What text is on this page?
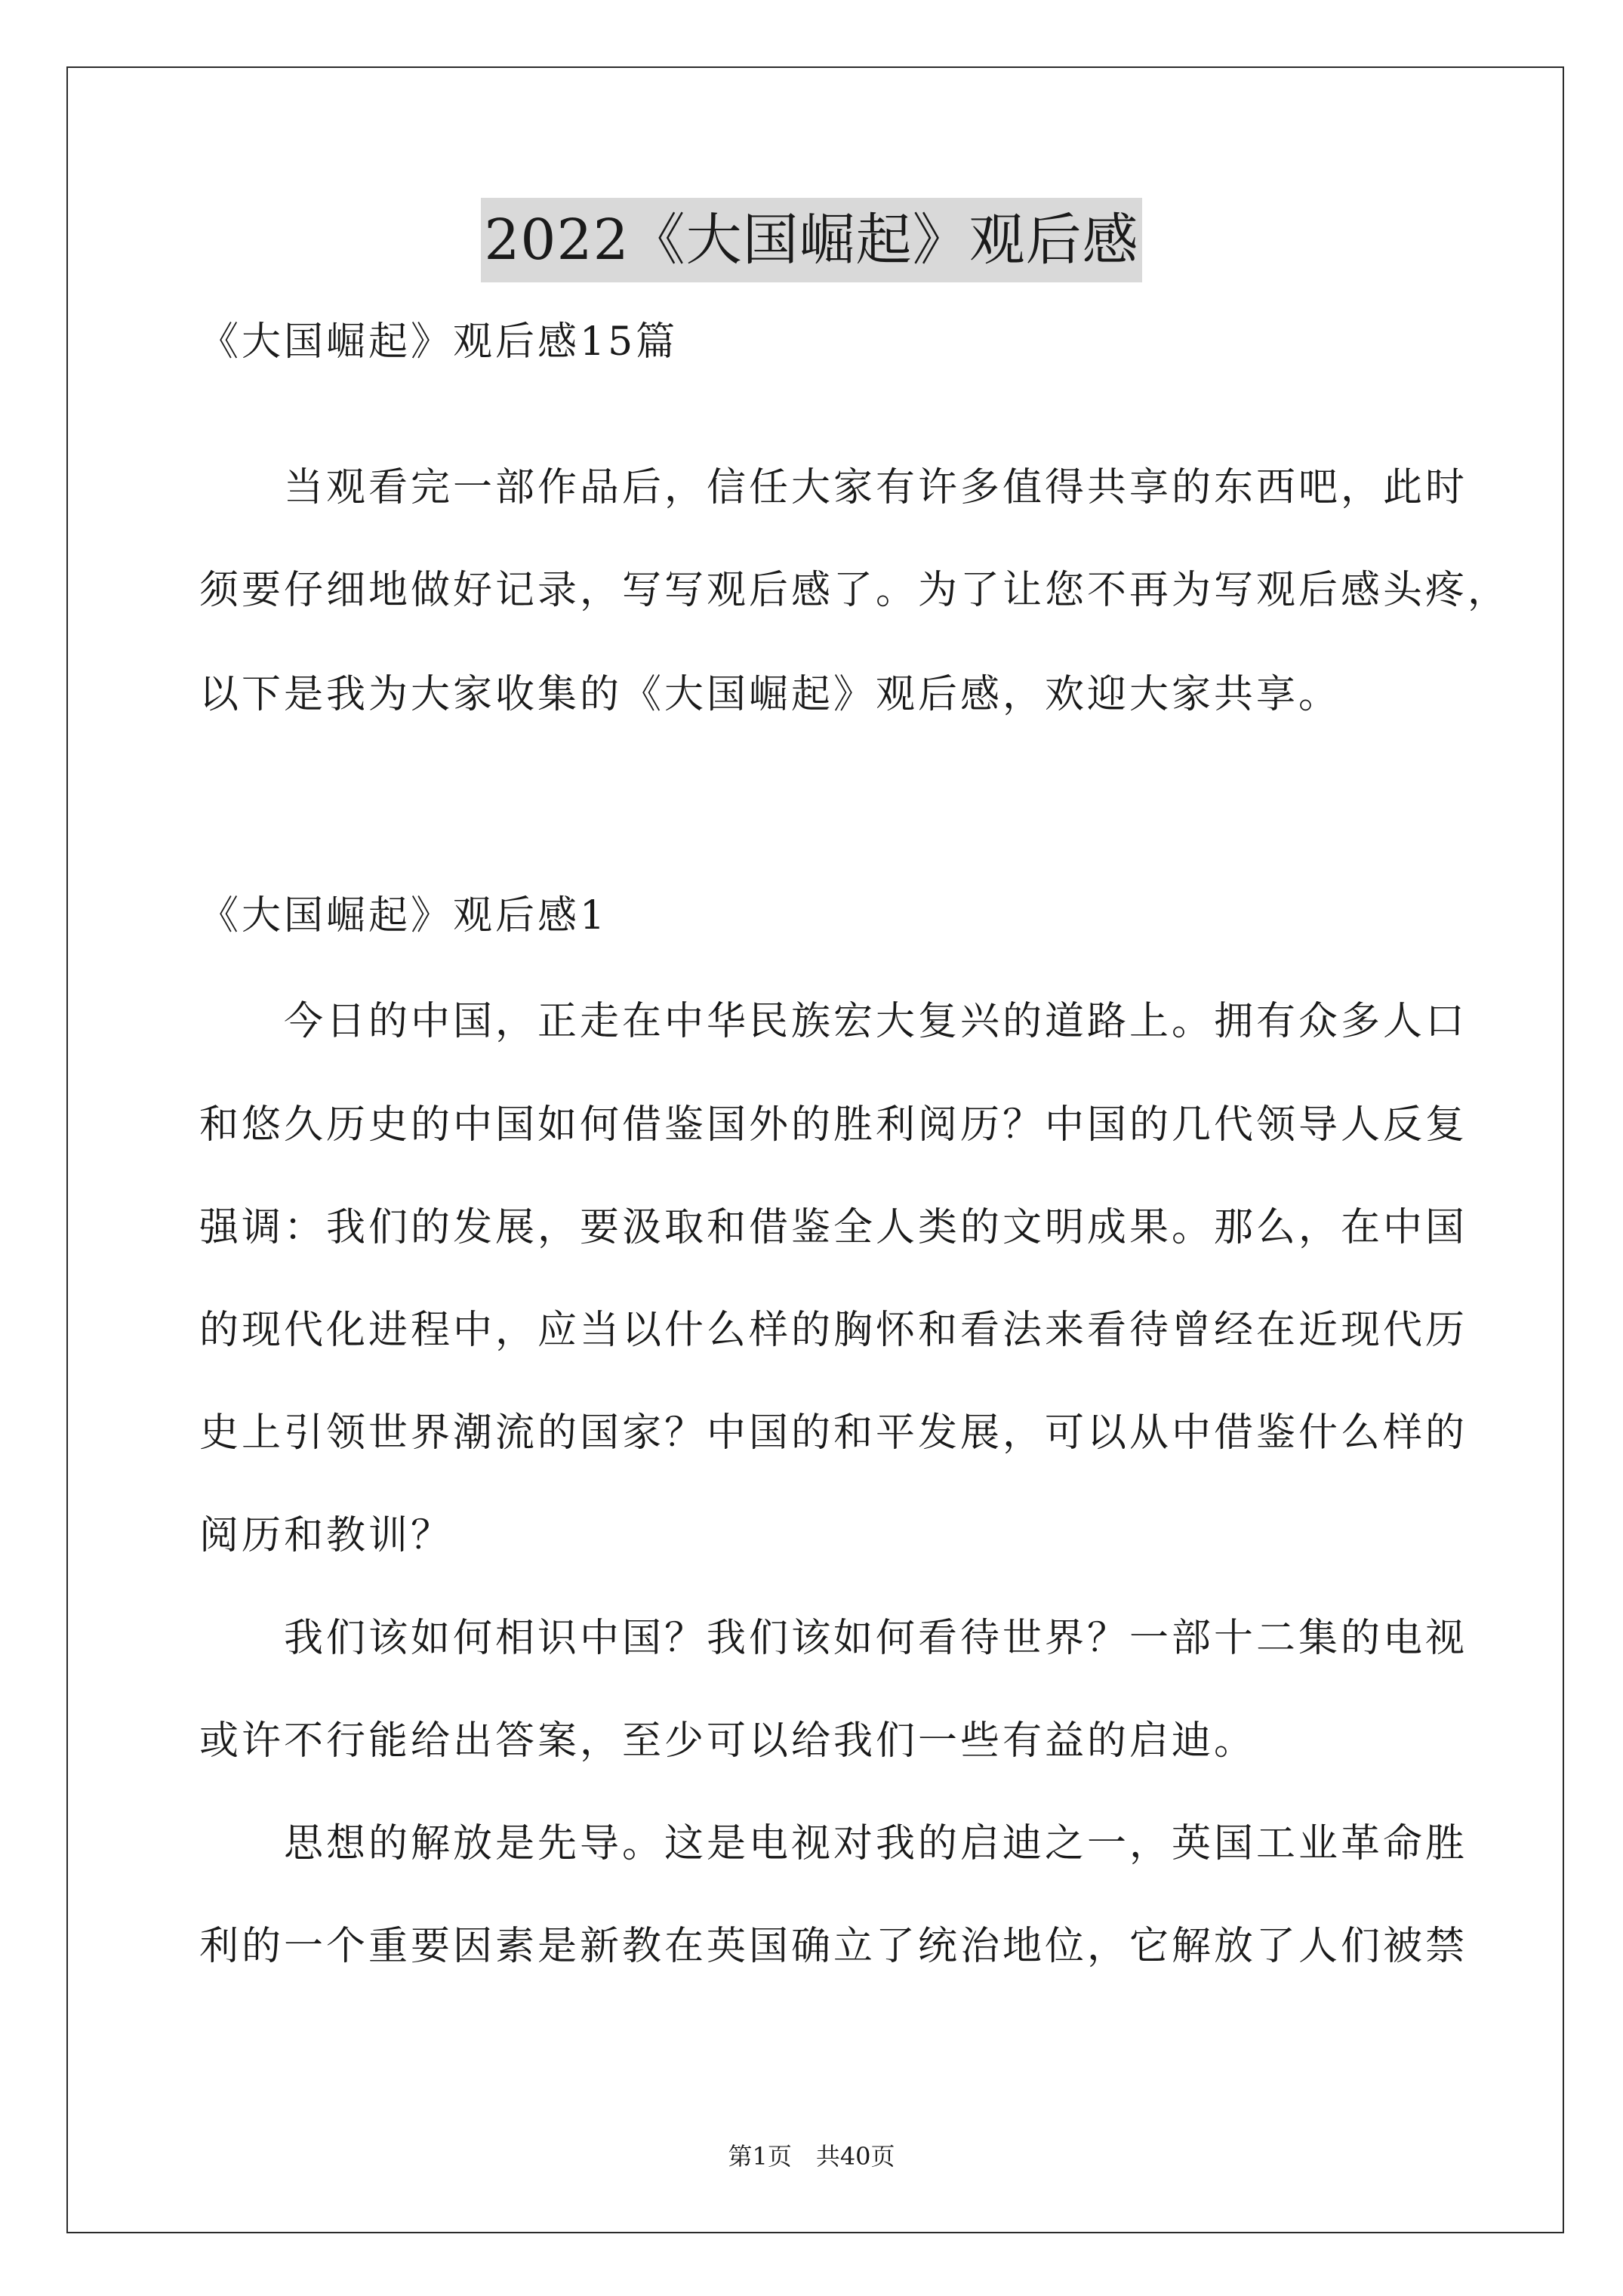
2022《大国崛起》观后感
《大国崛起》观后感15篇
　　当观看完一部作品后，信任大家有许多值得共享的东西吧，此时
须要仔细地做好记录，写写观后感了。为了让您不再为写观后感头疼，
以下是我为大家收集的《大国崛起》观后感，欢迎大家共享。
《大国崛起》观后感1
　　今日的中国，正走在中华民族宏大复兴的道路上。拥有众多人口
和悠久历史的中国如何借鉴国外的胜利阅历？中国的几代领导人反复
强调：我们的发展，要汲取和借鉴全人类的文明成果。那么，在中国
的现代化进程中，应当以什么样的胸怀和看法来看待曾经在近现代历
史上引领世界潮流的国家？中国的和平发展，可以从中借鉴什么样的
阅历和教训？
　　我们该如何相识中国？我们该如何看待世界？一部十二集的电视
或许不行能给出答案，至少可以给我们一些有益的启迪。
　　思想的解放是先导。这是电视对我的启迪之一，英国工业革命胜
利的一个重要因素是新教在英国确立了统治地位，它解放了人们被禁
第1页　共40页
